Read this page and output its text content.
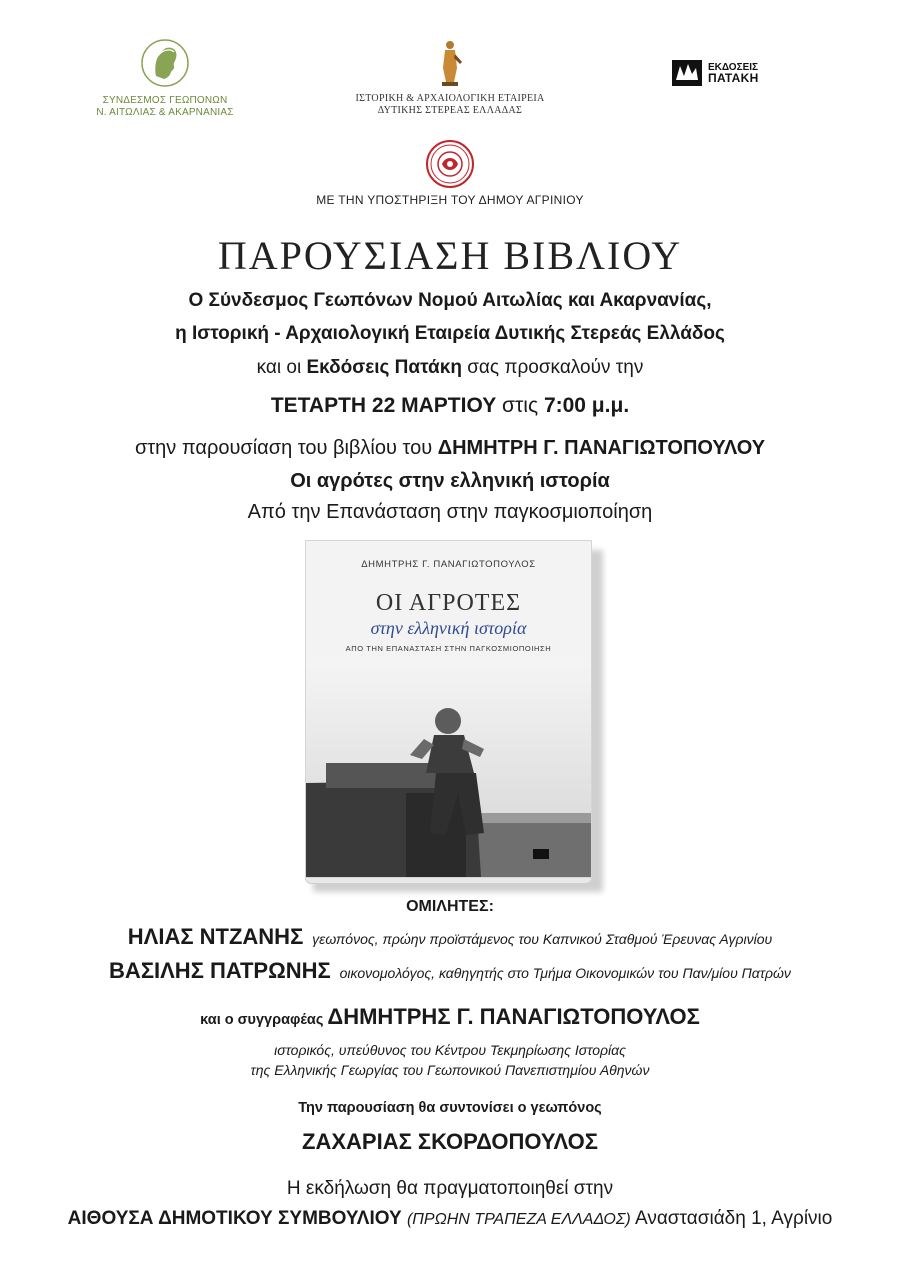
ΣΥΝΔΕΣΜΟΣ ΓΕΩΠΟΝΩΝ
Ν. ΑΙΤΩΛΙΑΣ & ΑΚΑΡΝΑΝΙΑΣ
ΙΣΤΟΡΙΚΗ & ΑΡΧΑΙΟΛΟΓΙΚΗ ΕΤΑΙΡΕΙΑ
ΔΥΤΙΚΗΣ ΣΤΕΡΕΑΣ ΕΛΛΑΔΑΣ
ΕΚΔΟΣΕΙΣ
ΠΑΤΑΚΗ
ΜΕ ΤΗΝ ΥΠΟΣΤΗΡΙΞΗ ΤΟΥ ΔΗΜΟΥ ΑΓΡΙΝΙΟΥ
ΠΑΡΟΥΣΙΑΣΗ ΒΙΒΛΙΟΥ
Ο Σύνδεσμος Γεωπόνων Νομού Αιτωλίας και Ακαρνανίας,
η Ιστορική - Αρχαιολογική Εταιρεία Δυτικής Στερεάς Ελλάδος
και οι Εκδόσεις Πατάκη σας προσκαλούν την
ΤΕΤΑΡΤΗ 22 ΜΑΡΤΙΟΥ στις 7:00 μ.μ.
στην παρουσίαση του βιβλίου του ΔΗΜΗΤΡΗ Γ. ΠΑΝΑΓΙΩΤΟΠΟΥΛΟΥ
Οι αγρότες στην ελληνική ιστορία
Από την Επανάσταση στην παγκοσμιοποίηση
ΔΗΜΗΤΡΗΣ Γ. ΠΑΝΑΓΙΩΤΟΠΟΥΛΟΣ
ΟΙ ΑΓΡΟΤΕΣ
στην ελληνική ιστορία
ΑΠΟ ΤΗΝ ΕΠΑΝΑΣΤΑΣΗ ΣΤΗΝ ΠΑΓΚΟΣΜΙΟΠΟΙΗΣΗ
ΟΜΙΛΗΤΕΣ:
ΗΛΙΑΣ ΝΤΖΑΝΗΣ γεωπόνος, πρώην προϊστάμενος του Καπνικού Σταθμού Έρευνας Αγρινίου
ΒΑΣΙΛΗΣ ΠΑΤΡΩΝΗΣ οικονομολόγος, καθηγητής στο Τμήμα Οικονομικών του Παν/μίου Πατρών
και ο συγγραφέας ΔΗΜΗΤΡΗΣ Γ. ΠΑΝΑΓΙΩΤΟΠΟΥΛΟΣ
ιστορικός, υπεύθυνος του Κέντρου Τεκμηρίωσης Ιστορίας
της Ελληνικής Γεωργίας του Γεωπονικού Πανεπιστημίου Αθηνών
Την παρουσίαση θα συντονίσει ο γεωπόνος
ΖΑΧΑΡΙΑΣ ΣΚΟΡΔΟΠΟΥΛΟΣ
Η εκδήλωση θα πραγματοποιηθεί στην
ΑΙΘΟΥΣΑ ΔΗΜΟΤΙΚΟΥ ΣΥΜΒΟΥΛΙΟΥ (ΠΡΩΗΝ ΤΡΑΠΕΖΑ ΕΛΛΑΔΟΣ) Αναστασιάδη 1, Αγρίνιο
